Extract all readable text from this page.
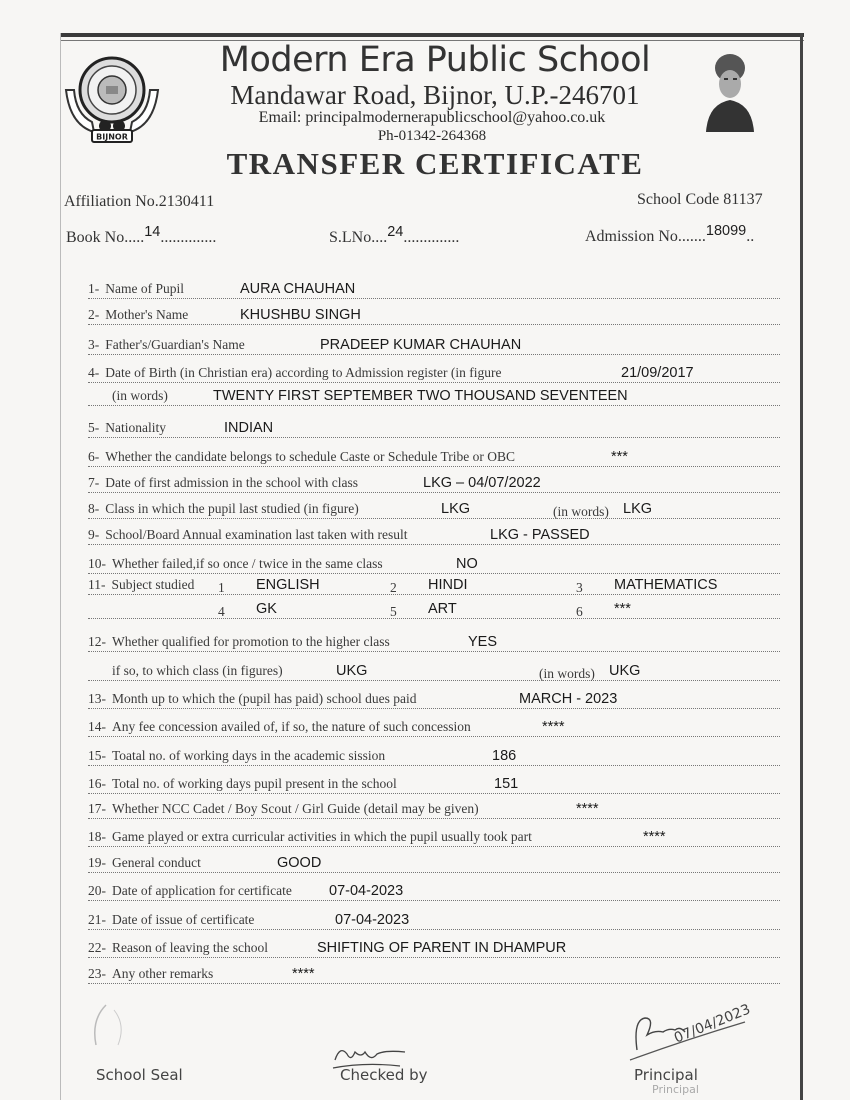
BIJNOR
Modern Era Public School
Mandawar Road, Bijnor, U.P.-246701
Email: principalmodernerapublicschool@yahoo.co.uk
Ph-01342-264368
TRANSFER CERTIFICATE
Affiliation No.2130411	School Code 81137
Book No.....14..............	S.LNo....24..............	Admission No.......18099..
1- Name of Pupil	AURA CHAUHAN
2- Mother's Name	KHUSHBU SINGH
3- Father's/Guardian's Name	PRADEEP KUMAR CHAUHAN
4- Date of Birth (in Christian era) according to Admission register (in figure	21/09/2017
(in words)	TWENTY FIRST SEPTEMBER TWO THOUSAND SEVENTEEN
5- Nationality	INDIAN
6- Whether the candidate belongs to schedule Caste or Schedule Tribe or OBC	***
7- Date of first admission in the school with class	LKG – 04/07/2022
8- Class in which the pupil last studied (in figure)	LKG	(in words) LKG
9- School/Board Annual examination last taken with result	LKG - PASSED
10- Whether failed,if so once / twice in the same class	NO
11- Subject studied 1 ENGLISH	2 HINDI	3 MATHEMATICS
4 GK	5 ART	6 ***
12- Whether qualified for promotion to the higher class	YES
if so, to which class (in figures)	UKG	(in words) UKG
13- Month up to which the (pupil has paid) school dues paid	MARCH - 2023
14- Any fee concession availed of, if so, the nature of such concession	****
15- Toatal no. of working days in the academic sission	186
16- Total no. of working days pupil present in the school	151
17- Whether NCC Cadet / Boy Scout / Girl Guide (detail may be given)	****
18- Game played or extra curricular activities in which the pupil usually took part	****
19- General conduct	GOOD
20- Date of application for certificate	07-04-2023
21- Date of issue of certificate	07-04-2023
22- Reason of leaving the school	SHIFTING OF PARENT IN DHAMPUR
23- Any other remarks	****
School Seal	Checked by
07/04/2023
Principal
Principal
